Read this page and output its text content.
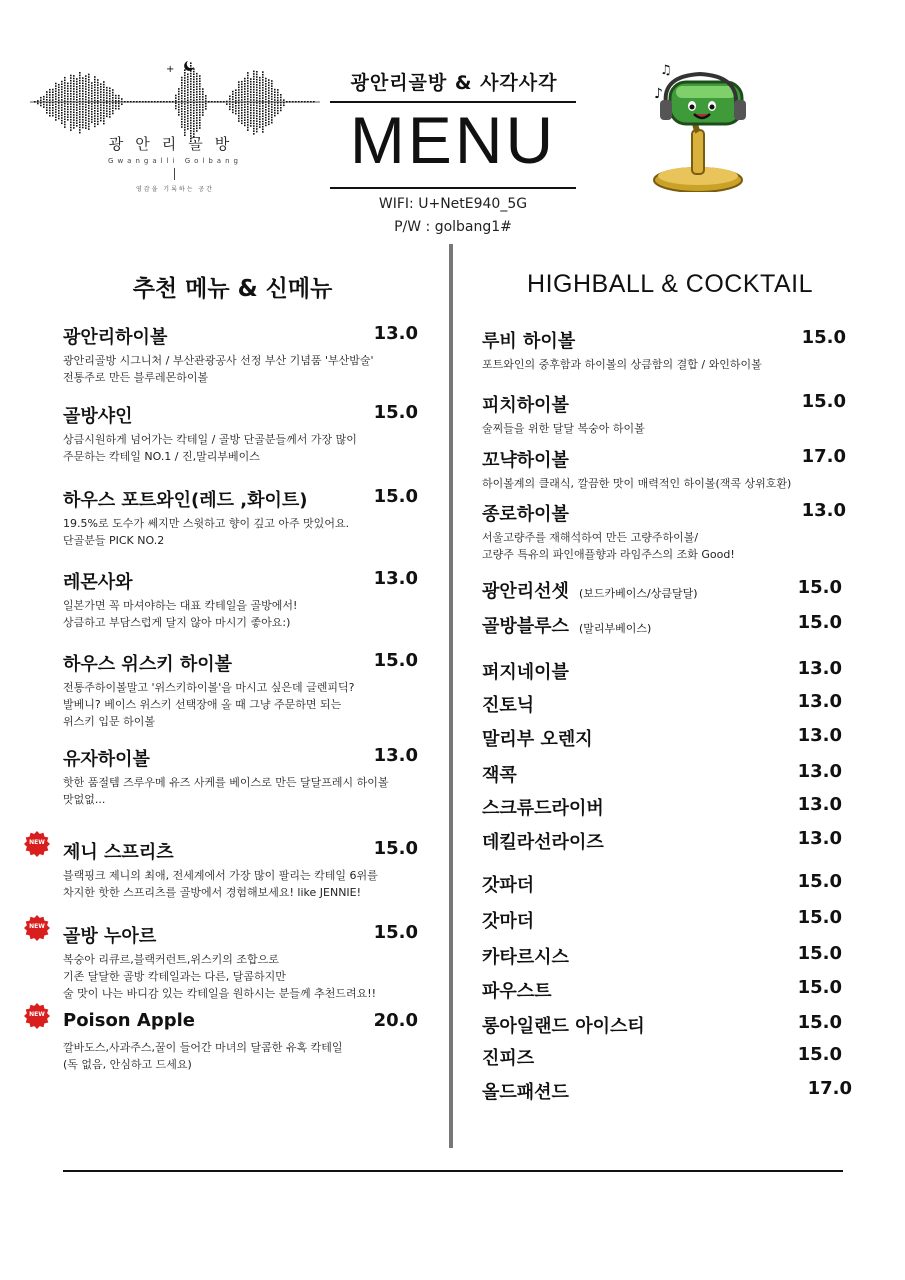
+
광안리골방
Gwangalli Golbang
영감을 기록하는 공간
광안리골방 & 사각사각
MENU
WIFI: U+NetE940_5G
P/W : golbang1#
♪
♫
추천 메뉴 & 신메뉴	HIGHBALL & COCKTAIL
광안리하이볼	13.0
광안리골방 시그니처 / 부산관광공사 선정 부산 기념품 '부산밤술'
전통주로 만든 블루레몬하이볼
골방샤인	15.0
상큼시원하게 넘어가는 칵테일 / 골방 단골분들께서 가장 많이
주문하는 칵테일 NO.1 / 진,말리부베이스
하우스 포트와인(레드 ,화이트)	15.0
19.5%로 도수가 쎄지만 스윗하고 향이 깊고 아주 맛있어요.
단골분들 PICK NO.2
레몬사와	13.0
일본가면 꼭 마셔야하는 대표 칵테일을 골방에서!
상큼하고 부담스럽게 달지 않아 마시기 좋아요:)
하우스 위스키 하이볼	15.0
전통주하이볼말고 '위스키하이볼'을 마시고 싶은데 글렌피딕?
발베니? 베이스 위스키 선택장애 올 때 그냥 주문하면 되는
위스키 입문 하이볼
유자하이볼	13.0
핫한 품절템 즈루우메 유즈 사케를 베이스로 만든 달달프레시 하이볼
맛없없...
제니 스프리츠	15.0
블랙핑크 제니의 최애, 전세계에서 가장 많이 팔리는 칵테일 6위를
차지한 핫한 스프리츠를 골방에서 경험해보세요! like JENNIE!
골방 누아르	15.0
복숭아 리큐르,블랙커런트,위스키의 조합으로
기존 달달한 골방 칵테일과는 다른, 달콤하지만
술 맛이 나는 바디감 있는 칵테일을 원하시는 분들께 추천드려요!!
Poison Apple	20.0
깔바도스,사과주스,꿀이 들어간 마녀의 달콤한 유혹 칵테일
(독 없음, 안심하고 드세요)
루비 하이볼	15.0
포트와인의 중후함과 하이볼의 상큼함의 결합 / 와인하이볼
피치하이볼	15.0
술찌들을 위한 달달 복숭아 하이볼
꼬냑하이볼	17.0
하이볼계의 클래식, 깔끔한 맛이 매력적인 하이볼(잭콕 상위호환)
종로하이볼	13.0
서울고량주를 재해석하여 만든 고량주하이볼/
고량주 특유의 파인애플향과 라임주스의 조화 Good!
광안리선셋 (보드카베이스/상큼달달)	15.0
골방블루스 (말리부베이스)	15.0
퍼지네이블	13.0
진토닉	13.0
말리부 오렌지	13.0
잭콕	13.0
스크류드라이버	13.0
데킬라선라이즈	13.0
갓파더	15.0
갓마더	15.0
카타르시스	15.0
파우스트	15.0
롱아일랜드 아이스티	15.0
진피즈	15.0
올드패션드	17.0
NEW
NEW
NEW
